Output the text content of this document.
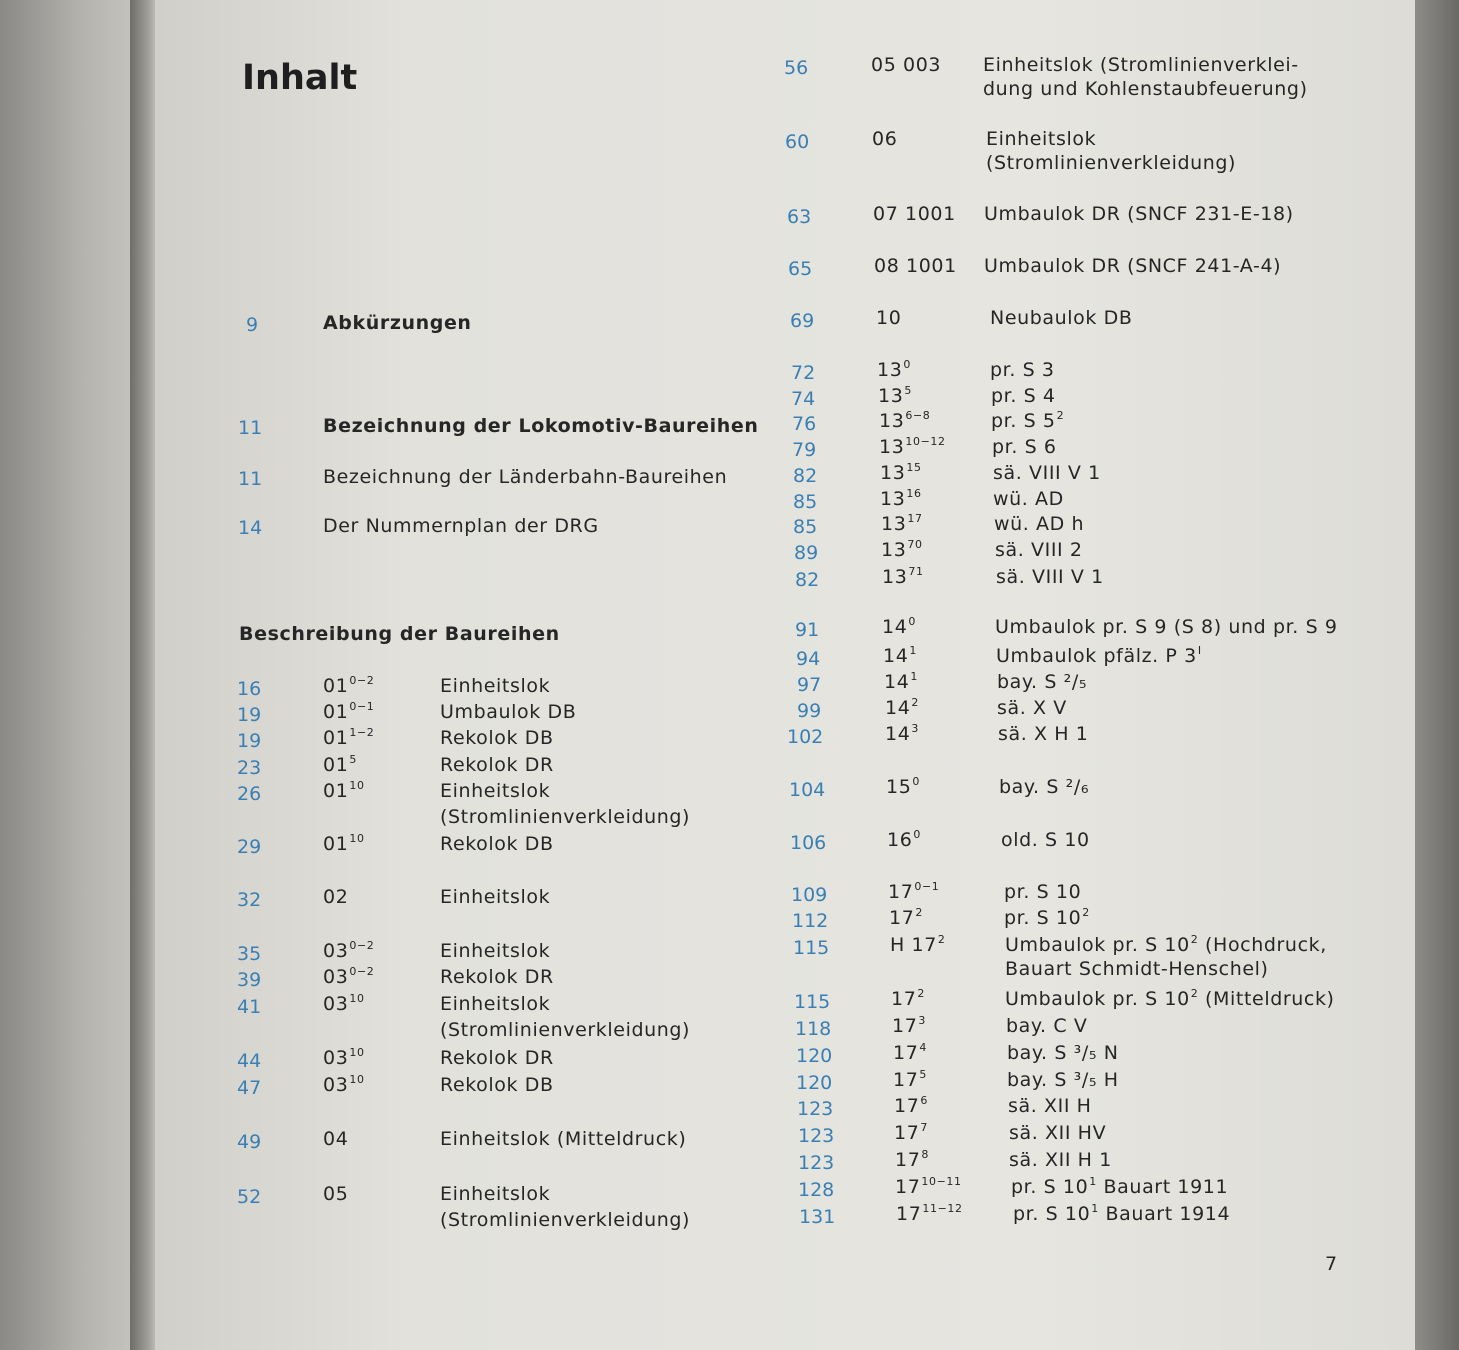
Inhalt
7
9	Abkürzungen
11	Bezeichnung der Lokomotiv-Baureihen
11	Bezeichnung der Länderbahn-Baureihen
14	Der Nummernplan der DRG
Beschreibung der Baureihen
16	$01^{0-2}$	Einheitslok
19	$01^{0-1}$	Umbaulok DB
19	$01^{1-2}$	Rekolok DB
23	$01^5$	Rekolok DR
26	$01^{10}$	Einheitslok
(Stromlinienverkleidung)
29	$01^{10}$	Rekolok DB
32	02	Einheitslok
35	$03^{0-2}$	Einheitslok
39	$03^{0-2}$	Rekolok DR
41	$03^{10}$	Einheitslok
(Stromlinienverkleidung)
44	$03^{10}$	Rekolok DR
47	$03^{10}$	Rekolok DB
49	04	Einheitslok (Mitteldruck)
52	05	Einheitslok
(Stromlinienverkleidung)
56	05 003 Einheitslok (Stromlinienverklei-
dung und Kohlenstaubfeuerung)
60	06	Einheitslok
(Stromlinienverkleidung)
63	07 1001 Umbaulok DR (SNCF 231-E-18)
65	08 1001 Umbaulok DR (SNCF 241-A-4)
69	10	Neubaulok DB
72	$13^0$	pr. S 3
74	$13^5$	pr. S 4
76	$13^{6-8}$	pr. S $5^2$
79	$13^{10-12}$ pr. S 6
82	$13^{15}$	sä. VIII V 1
85	$13^{16}$	wü. AD
85	$13^{17}$	wü. AD h
89	$13^{70}$	sä. VIII 2
82	$13^{71}$	sä. VIII V 1
91	$14^0$	Umbaulok pr. S 9 (S 8) und pr. S 9
94	$14^1$	Umbaulok pfälz. P $3^I$
97	$14^1$	bay. S ²/₅
99	$14^2$	sä. X V
102	$14^3$	sä. X H 1
104	$15^0$	bay. S ²/₆
106	$16^0$	old. S 10
109	$17^{0-1}$	pr. S 10
112	$17^2$	pr. S $10^2$
115	H $17^2$	Umbaulok pr. S $10^2$ (Hochdruck,
Bauart Schmidt-Henschel)
115	$17^2$	Umbaulok pr. S $10^2$ (Mitteldruck)
118	$17^3$	bay. C V
120	$17^4$	bay. S ³/₅ N
120	$17^5$	bay. S ³/₅ H
123	$17^6$	sä. XII H
123	$17^7$	sä. XII HV
123	$17^8$	sä. XII H 1
128	$17^{10-11}$	pr. S $10^1$ Bauart 1911
131	$17^{11-12}$	pr. S $10^1$ Bauart 1914
